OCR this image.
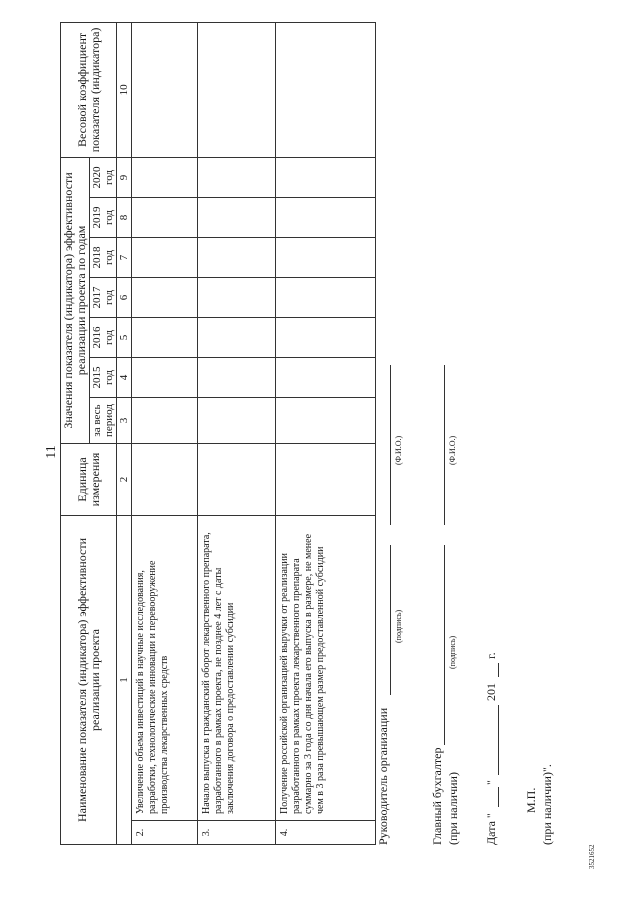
11
Наименование показателя (индикатора) эффективности реализации проекта		Единица измерения	Значения показателя (индикатора) эффективности реализации проекта по годам							Весовой коэффициент показателя (индикатора)
			за весь период	2015 год	2016 год	2017 год	2018 год	2019 год	2020 год	
1		2	3	4	5	6	7	8	9	10
2.	Увеличение объема инвестиций в научные исследования, разработки, технологические инновации и перевооружение производства лекарственных средств									
3.	Начало выпуска в гражданский оборот лекарственного препарата, разработанного в рамках проекта, не позднее 4 лет с даты заключения договора о предоставлении субсидии									
4.	Получение российской организацией выручки от реализации разработанного в рамках проекта лекарственного препарата суммарно за 3 года со дня начала его выпуска в размере, не менее чем в 3 раза превышающем размер предоставленной субсидии										Руководитель организации
(подпись)
(Ф.И.О.)
Главный бухгалтер (при наличии)
(подпись)
(Ф.И.О.)
Дата "
"
201
г.
М.П. (при наличии)".
3521652
